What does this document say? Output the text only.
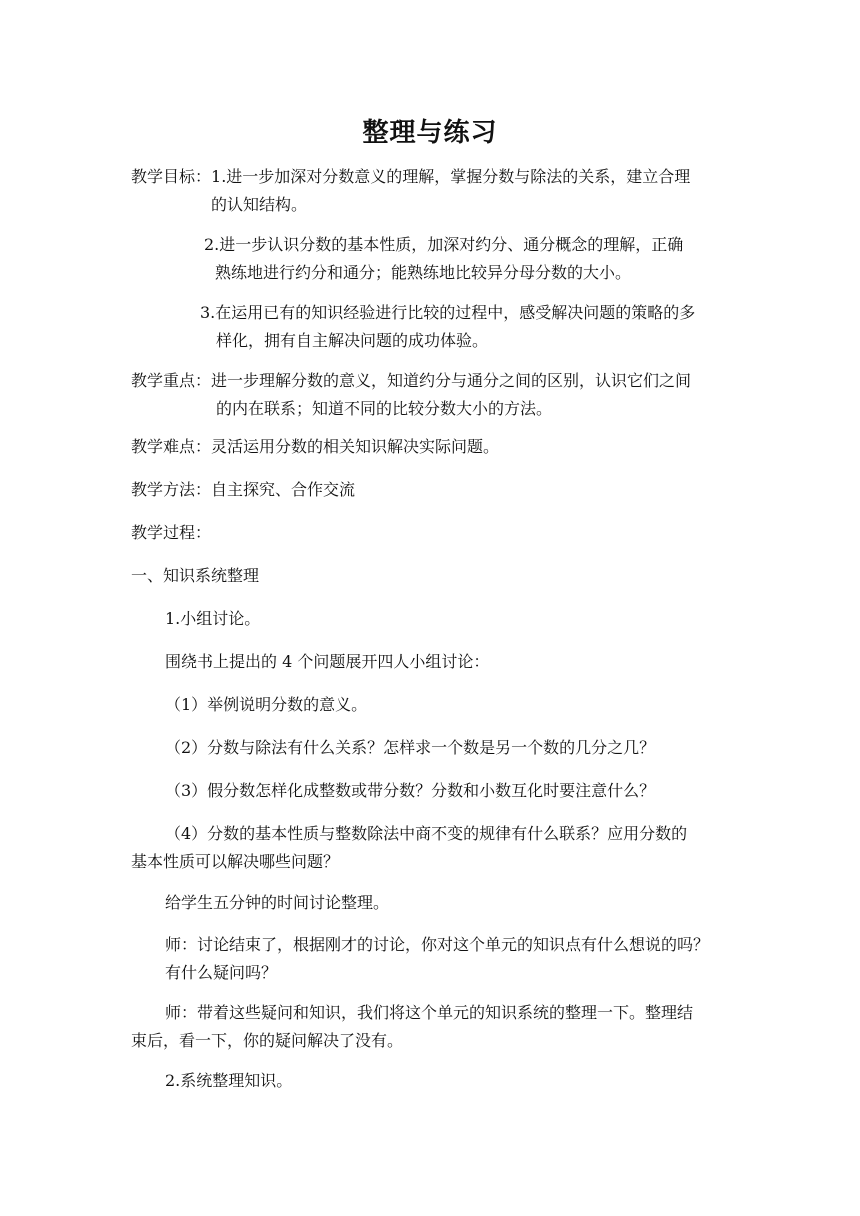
整理与练习
教学目标：1.进一步加深对分数意义的理解，掌握分数与除法的关系，建立合理
的认知结构。
2.进一步认识分数的基本性质，加深对约分、通分概念的理解，正确
熟练地进行约分和通分；能熟练地比较异分母分数的大小。
3.在运用已有的知识经验进行比较的过程中，感受解决问题的策略的多
样化，拥有自主解决问题的成功体验。
教学重点：进一步理解分数的意义，知道约分与通分之间的区别，认识它们之间
的内在联系；知道不同的比较分数大小的方法。
教学难点：灵活运用分数的相关知识解决实际问题。
教学方法：自主探究、合作交流
教学过程：
一、知识系统整理
1.小组讨论。
围绕书上提出的 4 个问题展开四人小组讨论：
（1）举例说明分数的意义。
（2）分数与除法有什么关系？怎样求一个数是另一个数的几分之几？
（3）假分数怎样化成整数或带分数？分数和小数互化时要注意什么？
（4）分数的基本性质与整数除法中商不变的规律有什么联系？应用分数的
基本性质可以解决哪些问题？
给学生五分钟的时间讨论整理。
师：讨论结束了，根据刚才的讨论，你对这个单元的知识点有什么想说的吗？
有什么疑问吗？
师：带着这些疑问和知识，我们将这个单元的知识系统的整理一下。整理结
束后，看一下，你的疑问解决了没有。
2.系统整理知识。
